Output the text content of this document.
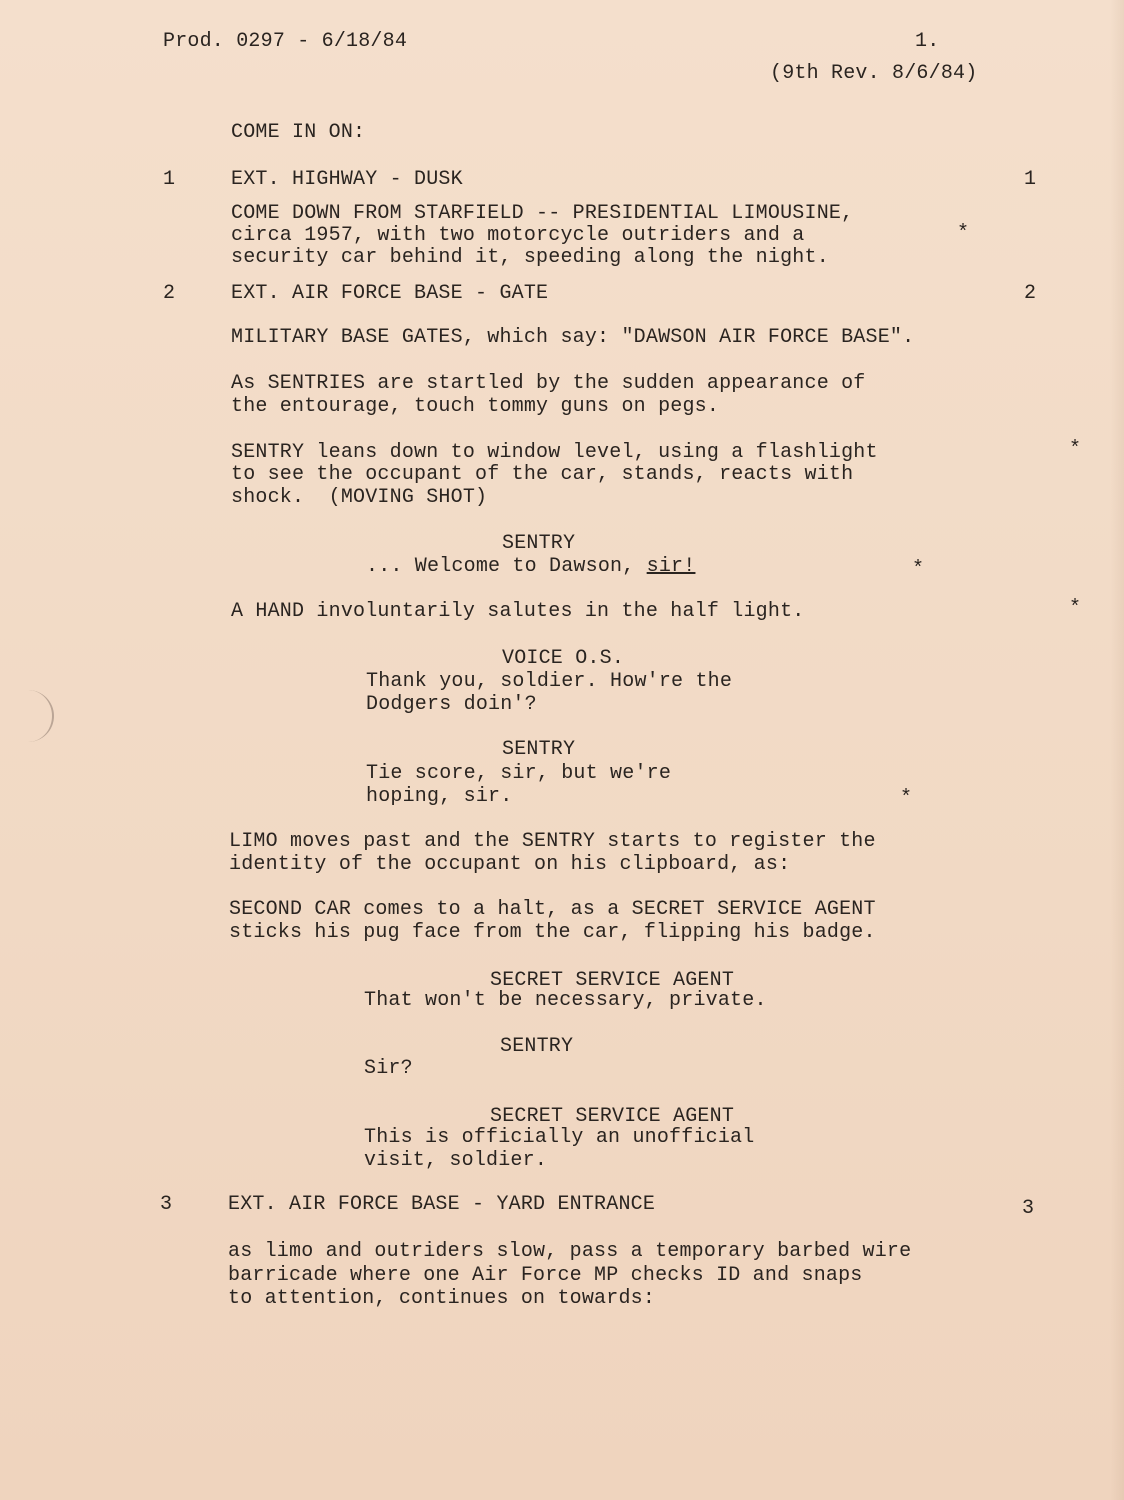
Prod. 0297 - 6/18/84	1.
(9th Rev. 8/6/84)
COME IN ON:
1	EXT. HIGHWAY - DUSK	1
COME DOWN FROM STARFIELD -- PRESIDENTIAL LIMOUSINE,
circa 1957, with two motorcycle outriders and a
security car behind it, speeding along the night.
*
2	EXT. AIR FORCE BASE - GATE	2
MILITARY BASE GATES, which say: "DAWSON AIR FORCE BASE".
As SENTRIES are startled by the sudden appearance of
the entourage, touch tommy guns on pegs.
SENTRY leans down to window level, using a flashlight
to see the occupant of the car, stands, reacts with
shock.  (MOVING SHOT)
*
SENTRY
... Welcome to Dawson, sir!	*
A HAND involuntarily salutes in the half light.	*
VOICE O.S.
Thank you, soldier. How're the
Dodgers doin'?
SENTRY
Tie score, sir, but we're
hoping, sir.	*
LIMO moves past and the SENTRY starts to register the
identity of the occupant on his clipboard, as:
SECOND CAR comes to a halt, as a SECRET SERVICE AGENT
sticks his pug face from the car, flipping his badge.
SECRET SERVICE AGENT
That won't be necessary, private.
SENTRY
Sir?
SECRET SERVICE AGENT
This is officially an unofficial
visit, soldier.
3	EXT. AIR FORCE BASE - YARD ENTRANCE	3
as limo and outriders slow, pass a temporary barbed wire
barricade where one Air Force MP checks ID and snaps
to attention, continues on towards:
